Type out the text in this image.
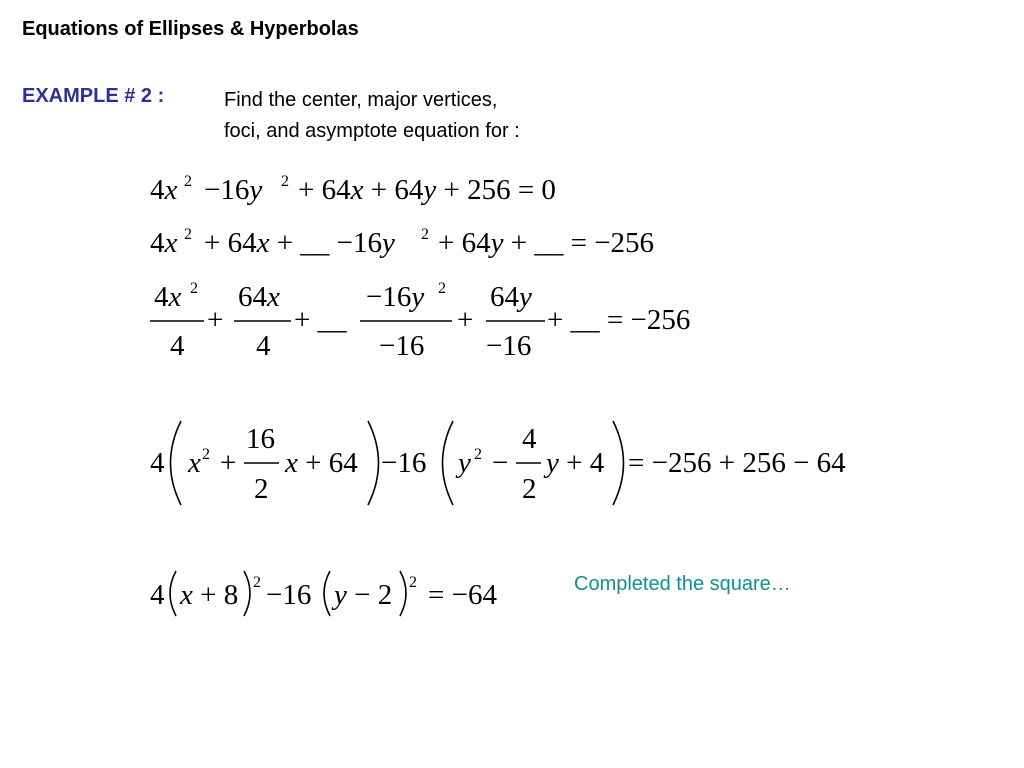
Equations of Ellipses & Hyperbolas
EXAMPLE # 2 :	Find the center, major vertices,
foci, and asymptote equation for :
Completed the square…
4x 2 −16y 2 + 64x + 64y + 256 = 0
4x 2 + 64x + __ −16y 2 + 64y + __ = −256
4x 2
4
+
64x
4
+ __
−16y 2
−16
+
64y
−16
+ __ = −256
4 x 2 +
16
2
x + 64 −16 y 2 −
4
2
y + 4 = −256 + 256 − 64
4 x + 8 2 −16 y − 2 2 = −64
